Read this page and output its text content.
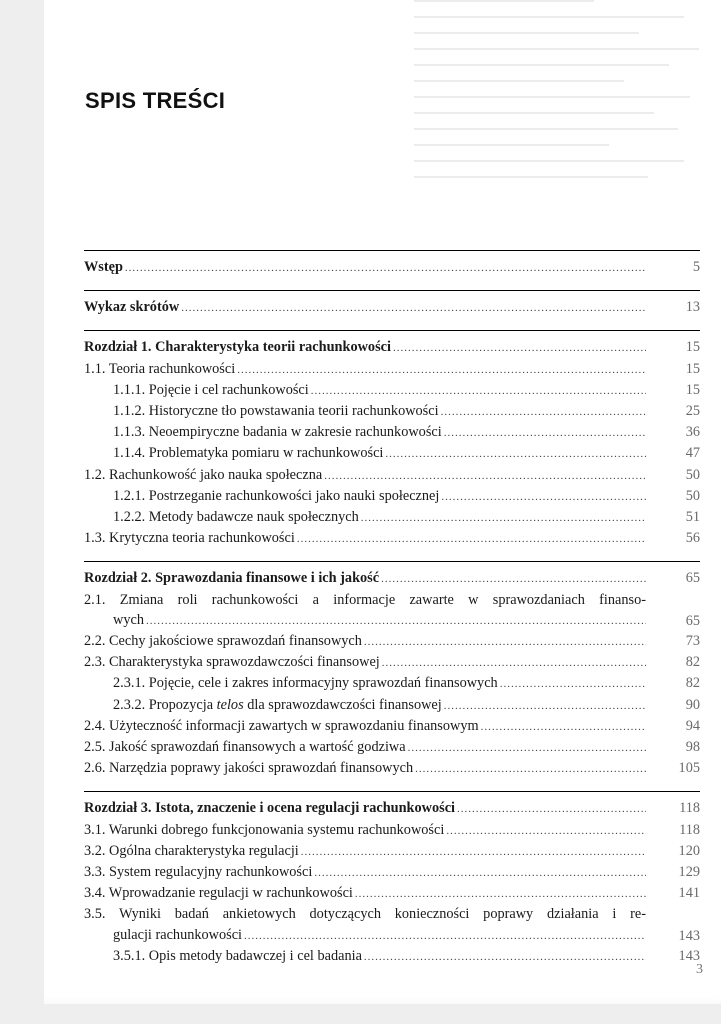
SPIS TREŚCI
Wstęp .....	5
Wykaz skrótów .....	13
Rozdział 1. Charakterystyka teorii rachunkowości .....	15
1.1. Teoria rachunkowości .....	15
1.1.1. Pojęcie i cel rachunkowości .....	15
1.1.2. Historyczne tło powstawania teorii rachunkowości .....	25
1.1.3. Neoempiryczne badania w zakresie rachunkowości .....	36
1.1.4. Problematyka pomiaru w rachunkowości .....	47
1.2. Rachunkowość jako nauka społeczna .....	50
1.2.1. Postrzeganie rachunkowości jako nauki społecznej .....	50
1.2.2. Metody badawcze nauk społecznych .....	51
1.3. Krytyczna teoria rachunkowości .....	56
Rozdział 2. Sprawozdania finansowe i ich jakość .....	65
2.1. Zmiana roli rachunkowości a informacje zawarte w sprawozdaniach finanso-
wych .....	65
2.2. Cechy jakościowe sprawozdań finansowych .....	73
2.3. Charakterystyka sprawozdawczości finansowej .....	82
2.3.1. Pojęcie, cele i zakres informacyjny sprawozdań finansowych .....	82
2.3.2. Propozycja telos dla sprawozdawczości finansowej .....	90
2.4. Użyteczność informacji zawartych w sprawozdaniu finansowym .....	94
2.5. Jakość sprawozdań finansowych a wartość godziwa .....	98
2.6. Narzędzia poprawy jakości sprawozdań finansowych .....	105
Rozdział 3. Istota, znaczenie i ocena regulacji rachunkowości .....	118
3.1. Warunki dobrego funkcjonowania systemu rachunkowości .....	118
3.2. Ogólna charakterystyka regulacji .....	120
3.3. System regulacyjny rachunkowości .....	129
3.4. Wprowadzanie regulacji w rachunkowości .....	141
3.5. Wyniki badań ankietowych dotyczących konieczności poprawy działania i re-
gulacji rachunkowości .....	143
3.5.1. Opis metody badawczej i cel badania .....	143
3
